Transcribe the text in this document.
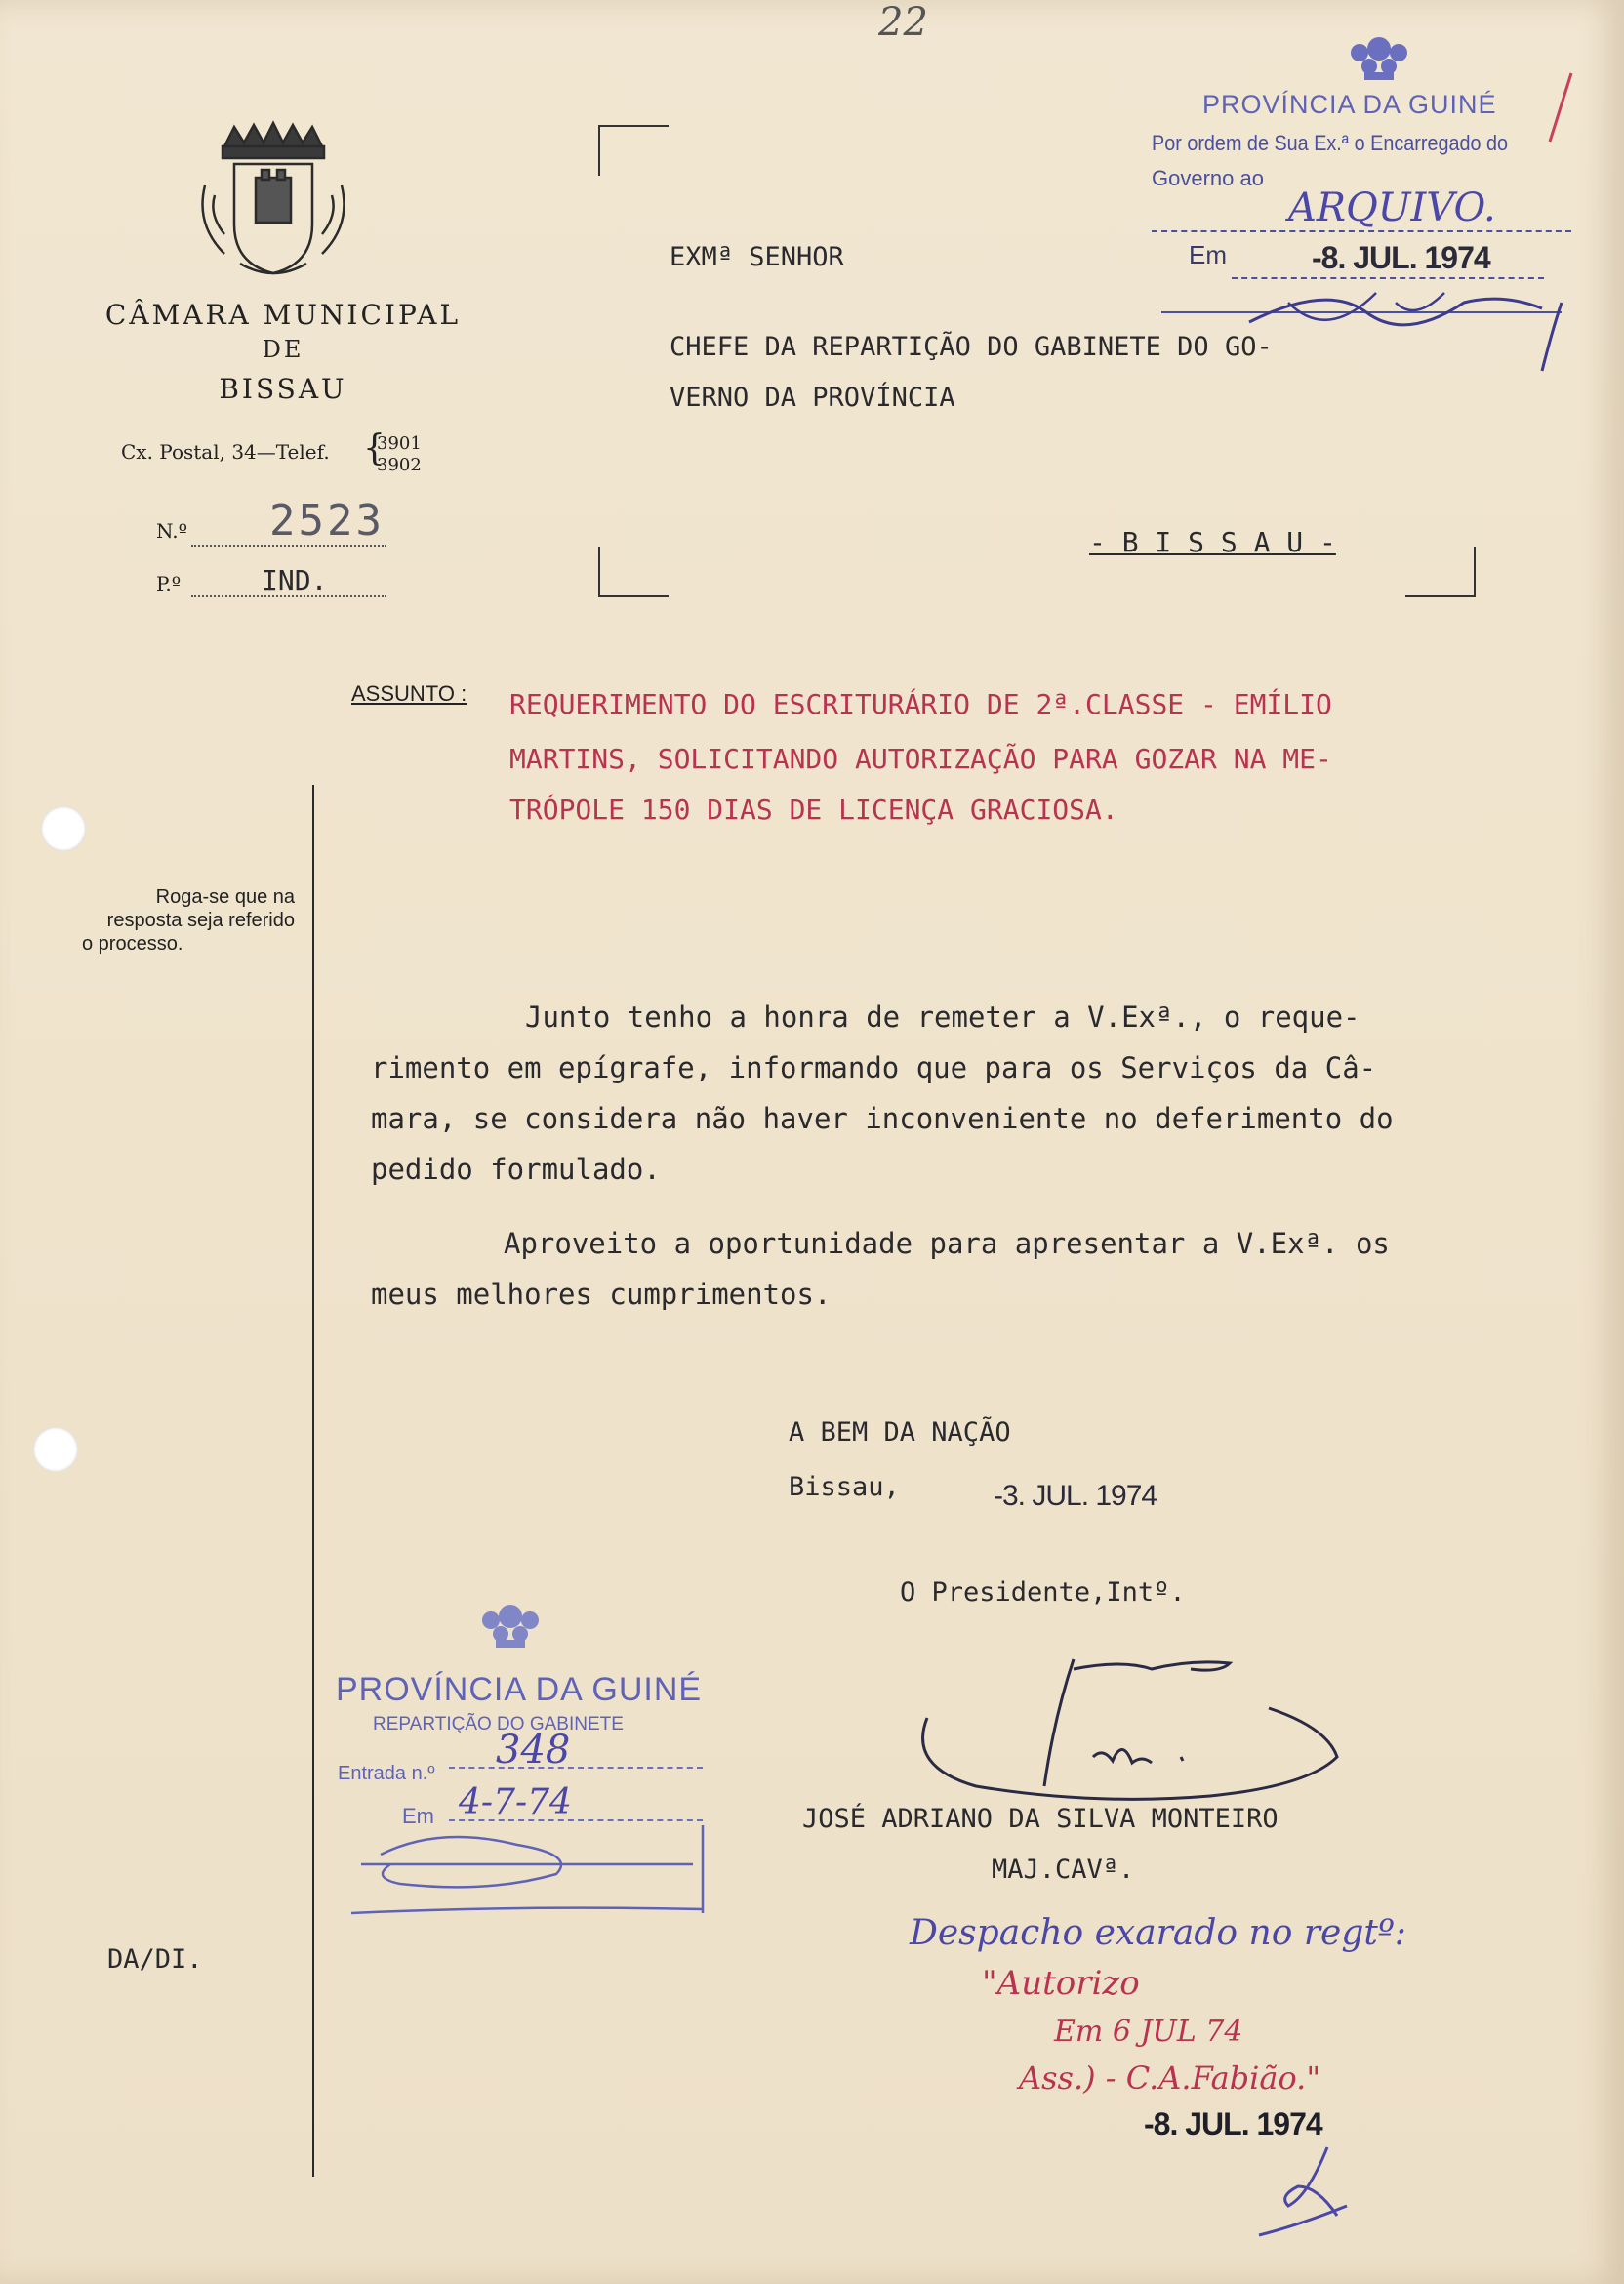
22
CÂMARA MUNICIPAL
DE
BISSAU
Cx. Postal, 34—Telef. {
3901
3902
N.º 2523
P.º	IND.
EXMª SENHOR
CHEFE DA REPARTIÇÃO DO GABINETE DO GO-
VERNO DA PROVÍNCIA
- B I S S A U -
PROVÍNCIA DA GUINÉ
Por ordem de Sua Ex.ª o Encarregado do
Governo ao
ARQUIVO.
Em	-8. JUL. 1974
ASSUNTO : REQUERIMENTO DO ESCRITURÁRIO DE 2ª.CLASSE - EMÍLIO
MARTINS, SOLICITANDO AUTORIZAÇÃO PARA GOZAR NA ME-
TRÓPOLE 150 DIAS DE LICENÇA GRACIOSA.
Roga-se que na
resposta seja referido
o processo.
Junto tenho a honra de remeter a V.Exª., o reque-
rimento em epígrafe, informando que para os Serviços da Câ-
mara, se considera não haver inconveniente no deferimento do
pedido formulado.
Aproveito a oportunidade para apresentar a V.Exª. os
meus melhores cumprimentos.
A BEM DA NAÇÃO
Bissau,	-3. JUL. 1974
O Presidente,Intº.
JOSÉ ADRIANO DA SILVA MONTEIRO
MAJ.CAVª.
PROVÍNCIA DA GUINÉ
REPARTIÇÃO DO GABINETE
Entrada n.º
348
Em 4-7-74
DA/DI.
Despacho exarado no regtº:
"Autorizo
Em 6 JUL 74
Ass.) - C.A.Fabião."
-8. JUL. 1974
